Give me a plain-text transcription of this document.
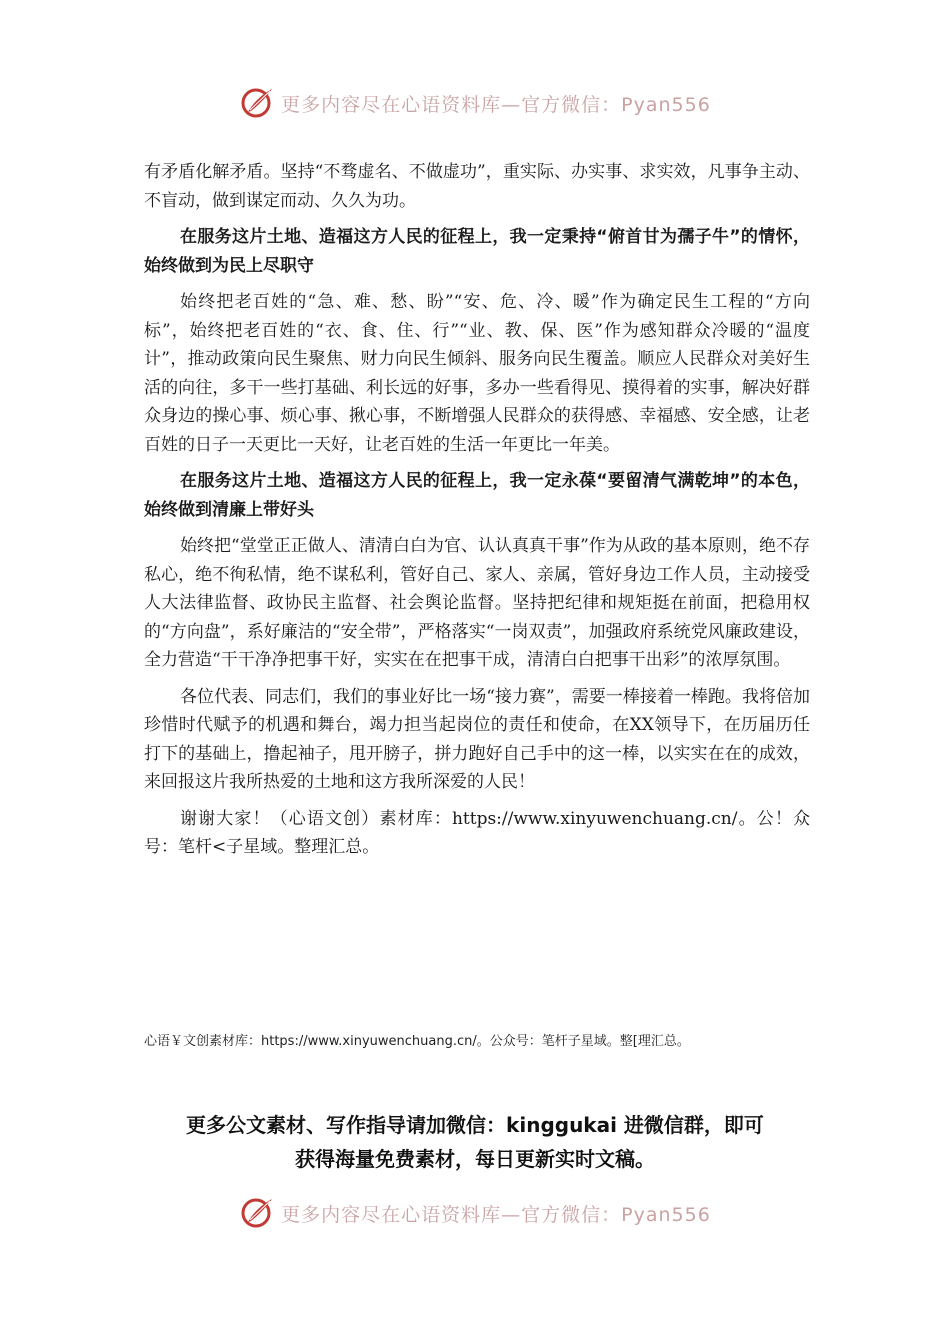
更多内容尽在心语资料库—官方微信：Pyan556

有矛盾化解矛盾。坚持“不骛虚名、不做虚功”，重实际、办实事、求实效，凡事争主动、不盲动，做到谋定而动、久久为功。

在服务这片土地、造福这方人民的征程上，我一定秉持“俯首甘为孺子牛”的情怀，始终做到为民上尽职守

始终把老百姓的“急、难、愁、盼”“安、危、冷、暖”作为确定民生工程的“方向标”，始终把老百姓的“衣、食、住、行”“业、教、保、医”作为感知群众冷暖的“温度计”，推动政策向民生聚焦、财力向民生倾斜、服务向民生覆盖。顺应人民群众对美好生活的向往，多干一些打基础、利长远的好事，多办一些看得见、摸得着的实事，解决好群众身边的操心事、烦心事、揪心事，不断增强人民群众的获得感、幸福感、安全感，让老百姓的日子一天更比一天好，让老百姓的生活一年更比一年美。

在服务这片土地、造福这方人民的征程上，我一定永葆“要留清气满乾坤”的本色，始终做到清廉上带好头

始终把“堂堂正正做人、清清白白为官、认认真真干事”作为从政的基本原则，绝不存私心，绝不徇私情，绝不谋私利，管好自己、家人、亲属，管好身边工作人员，主动接受人大法律监督、政协民主监督、社会舆论监督。坚持把纪律和规矩挺在前面，把稳用权的“方向盘”，系好廉洁的“安全带”，严格落实“一岗双责”，加强政府系统党风廉政建设，全力营造“干干净净把事干好，实实在在把事干成，清清白白把事干出彩”的浓厚氛围。

各位代表、同志们，我们的事业好比一场“接力赛”，需要一棒接着一棒跑。我将倍加珍惜时代赋予的机遇和舞台，竭力担当起岗位的责任和使命，在XX领导下，在历届历任打下的基础上，撸起袖子，甩开膀子，拼力跑好自己手中的这一棒，以实实在在的成效，来回报这片我所热爱的土地和这方我所深爱的人民！

谢谢大家！（心语文创）素材库：https://www.xinyuwenchuang.cn/。公！众号：笔杆<子星域。整理汇总。

心语￥文创素材库：https://www.xinyuwenchuang.cn/。公众号：笔杆子星域。整[理汇总。
更多公文素材、写作指导请加微信：kinggukai 进微信群，即可
获得海量免费素材，每日更新实时文稿。
更多内容尽在心语资料库—官方微信：Pyan556
